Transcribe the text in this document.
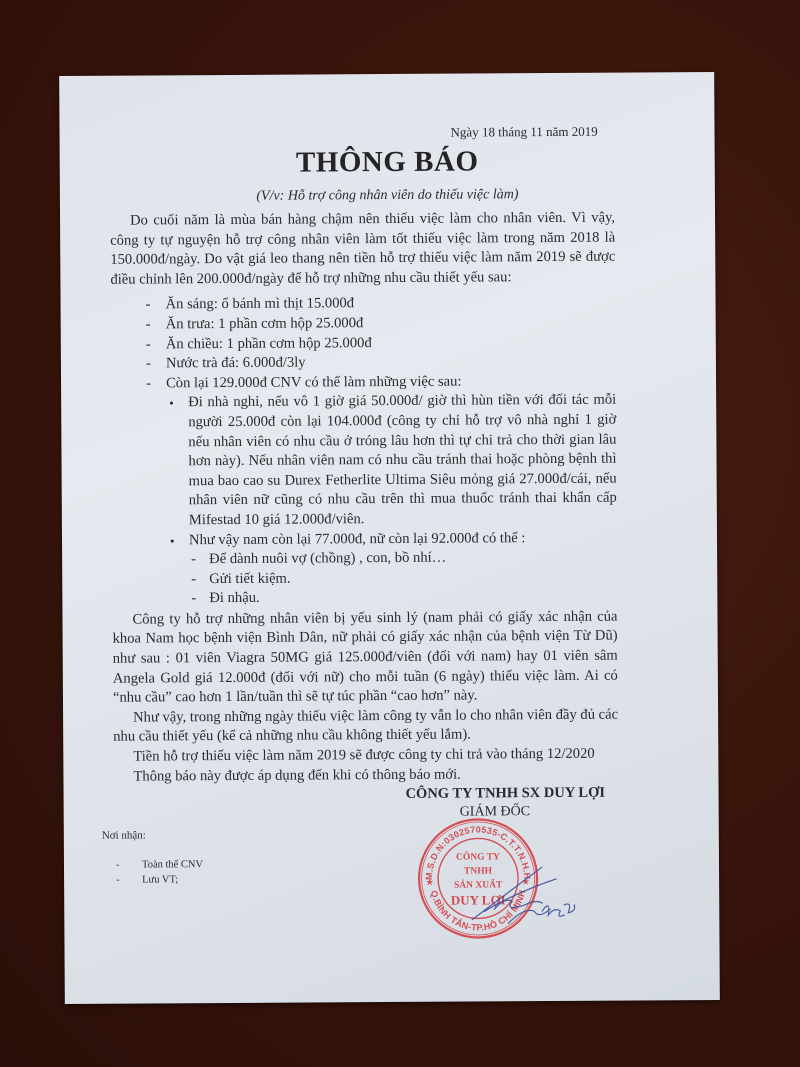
Ngày 18 tháng 11 năm 2019
THÔNG BÁO
(V/v: Hỗ trợ công nhân viên do thiếu việc làm)

Do cuối năm là mùa bán hàng chậm nên thiếu việc làm cho nhân viên. Vì vậy, công ty tự nguyện hỗ trợ công nhân viên làm tốt thiếu việc làm trong năm 2018 là 150.000đ/ngày. Do vật giá leo thang nên tiền hỗ trợ thiếu việc làm năm 2019 sẽ được điều chỉnh lên 200.000đ/ngày để hỗ trợ những nhu cầu thiết yếu sau:

- Ăn sáng: ổ bánh mì thịt 15.000đ
- Ăn trưa: 1 phần cơm hộp 25.000đ
- Ăn chiều: 1 phần cơm hộp 25.000đ
- Nước trà đá: 6.000đ/3ly
- Còn lại 129.000đ CNV có thể làm những việc sau:
• Đi nhà nghỉ, nếu vô 1 giờ giá 50.000đ/ giờ thì hùn tiền với đối tác mỗi người 25.000đ còn lại 104.000đ (công ty chỉ hỗ trợ vô nhà nghỉ 1 giờ nếu nhân viên có nhu cầu ở tróng lâu hơn thì tự chi trả cho thời gian lâu hơn này). Nếu nhân viên nam có nhu cầu tránh thai hoặc phòng bệnh thì mua bao cao su Durex Fetherlite Ultima Siêu mỏng giá 27.000đ/cái, nếu nhân viên nữ cũng có nhu cầu trên thì mua thuốc tránh thai khẩn cấp Mifestad 10 giá 12.000đ/viên.
• Như vậy nam còn lại 77.000đ, nữ còn lại 92.000đ có thể :
- Để dành nuôi vợ (chồng) , con, bồ nhí…
- Gửi tiết kiệm.
- Đi nhậu.

Công ty hỗ trợ những nhân viên bị yếu sinh lý (nam phải có giấy xác nhận của khoa Nam học bệnh viện Bình Dân, nữ phải có giấy xác nhận của bệnh viện Từ Dũ) như sau : 01 viên Viagra 50MG giá 125.000đ/viên (đối với nam) hay 01 viên sâm Angela Gold giá 12.000đ (đối với nữ) cho mỗi tuần (6 ngày) thiếu việc làm. Ai có “nhu cầu” cao hơn 1 lần/tuần thì sẽ tự túc phần “cao hơn” này.

Như vậy, trong những ngày thiếu việc làm công ty vẫn lo cho nhân viên đầy đủ các nhu cầu thiết yếu (kể cả những nhu cầu không thiết yếu lắm).

Tiền hỗ trợ thiếu việc làm năm 2019 sẽ được công ty chi trả vào tháng 12/2020

Thông báo này được áp dụng đến khi có thông báo mới.

CÔNG TY TNHH SX DUY LỢI
GIÁM ĐỐC
Nơi nhận:
- Toàn thể CNV
- Lưu VT;	M.S.D.N:0302570535-C.T.T.N.H.H
Q.BÌNH TÂN-TP.HỒ CHÍ MINH
★	★
CÔNG TY
TNHH
SẢN XUẤT
DUY LỢI
